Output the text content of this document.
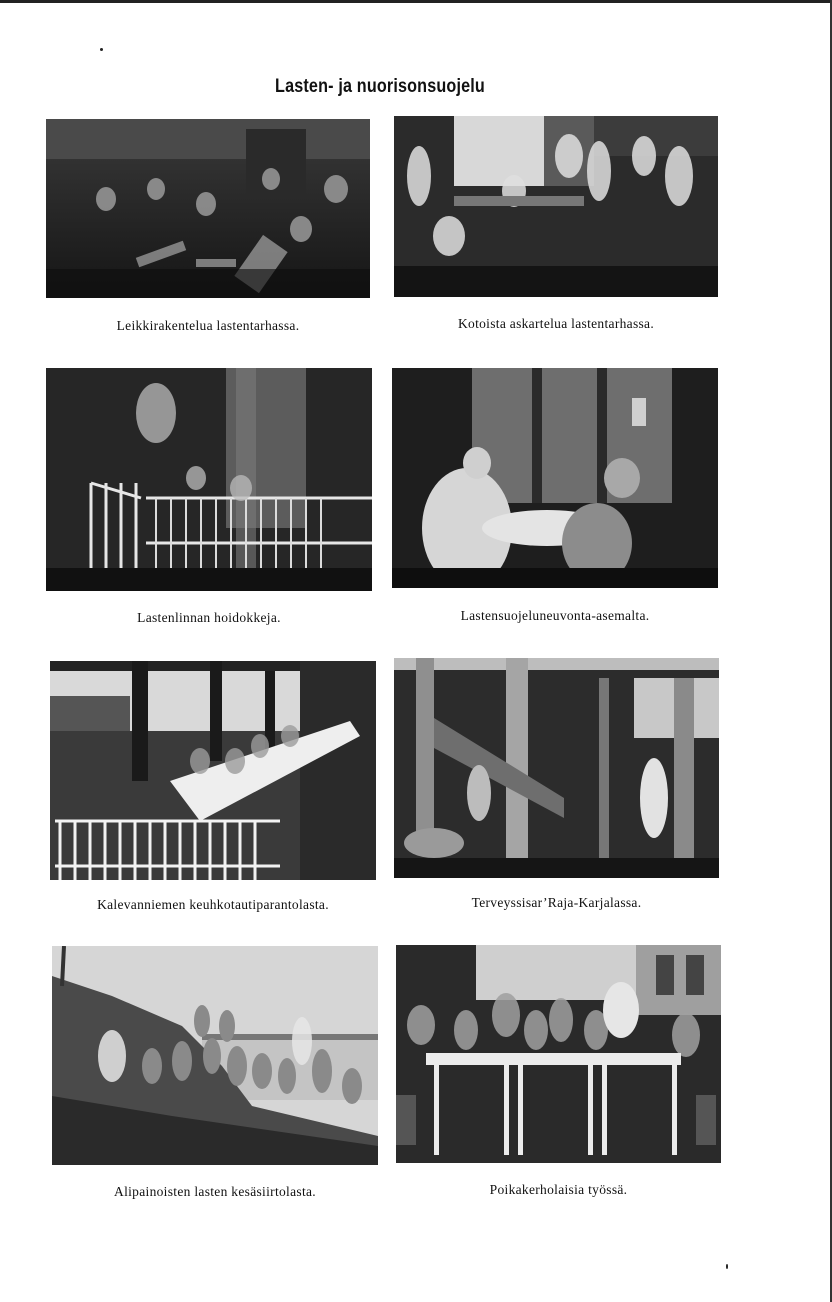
Lasten- ja nuorisonsuojelu
Leikkirakentelua lastentarhassa.	Kotoista askartelua lastentarhassa.
Lastenlinnan hoidokkeja.	Lastensuojeluneuvonta-asemalta.
Kalevanniemen keuhkotautiparantolasta.	Terveyssisar’Raja-Karjalassa.
Alipainoisten lasten kesäsiirtolasta.	Poikakerholaisia työssä.
